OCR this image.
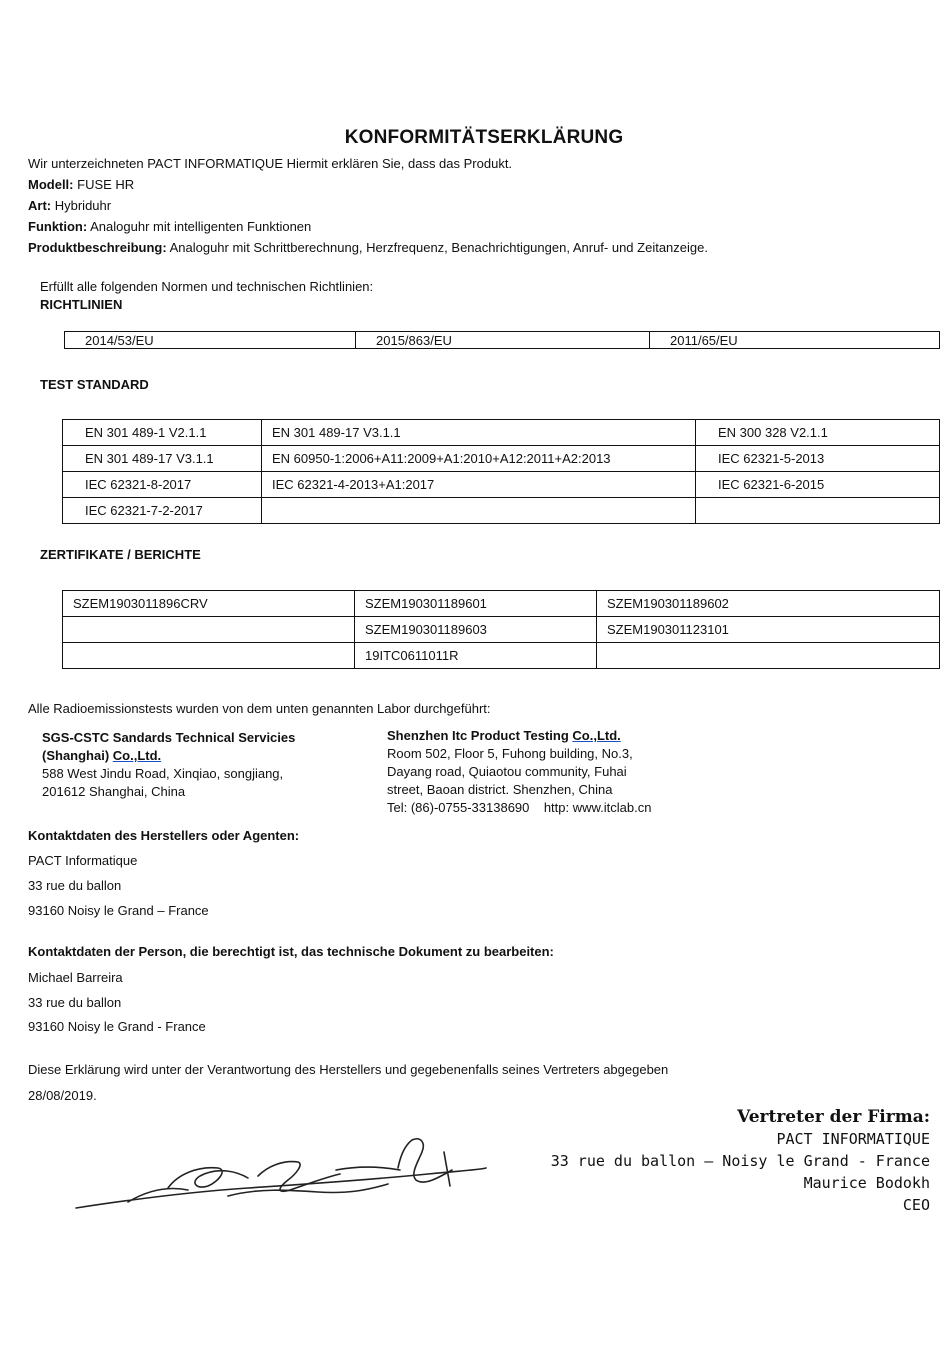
KONFORMITÄTSERKLÄRUNG
Wir unterzeichneten PACT INFORMATIQUE Hiermit erklären Sie, dass das Produkt.
Modell: FUSE HR
Art: Hybriduhr
Funktion: Analoguhr mit intelligenten Funktionen
Produktbeschreibung: Analoguhr mit Schrittberechnung, Herzfrequenz, Benachrichtigungen, Anruf- und Zeitanzeige.
Erfüllt alle folgenden Normen und technischen Richtlinien:
RICHTLINIEN
2014/53/EU	2015/863/EU	2011/65/EU
TEST STANDARD
EN 301 489-1 V2.1.1	EN 301 489-17 V3.1.1	EN 300 328 V2.1.1
EN 301 489-17 V3.1.1	EN 60950-1:2006+A11:2009+A1:2010+A12:2011+A2:2013	IEC 62321-5-2013
IEC 62321-8-2017	IEC 62321-4-2013+A1:2017	IEC 62321-6-2015
IEC 62321-7-2-2017		
ZERTIFIKATE / BERICHTE
SZEM1903011896CRV	SZEM190301189601	SZEM190301189602
	SZEM190301189603	SZEM190301123101
	19ITC0611011R	
Alle Radioemissionstests wurden von dem unten genannten Labor durchgeführt:
SGS-CSTC Sandards Technical Servicies
(Shanghai) Co.,Ltd.
588 West Jindu Road, Xinqiao, songjiang,
201612 Shanghai, China
Shenzhen Itc Product Testing Co.,Ltd.
Room 502, Floor 5, Fuhong building, No.3,
Dayang road, Quiaotou community, Fuhai
street, Baoan district. Shenzhen, China
Tel: (86)-0755-33138690    http: www.itclab.cn
Kontaktdaten des Herstellers oder Agenten:
PACT Informatique
33 rue du ballon
93160 Noisy le Grand – France
Kontaktdaten der Person, die berechtigt ist, das technische Dokument zu bearbeiten:
Michael Barreira
33 rue du ballon
93160 Noisy le Grand - France
Diese Erklärung wird unter der Verantwortung des Herstellers und gegebenenfalls seines Vertreters abgegeben
28/08/2019.
Vertreter der Firma:
PACT INFORMATIQUE
33 rue du ballon – Noisy le Grand - France
Maurice Bodokh
CEO
